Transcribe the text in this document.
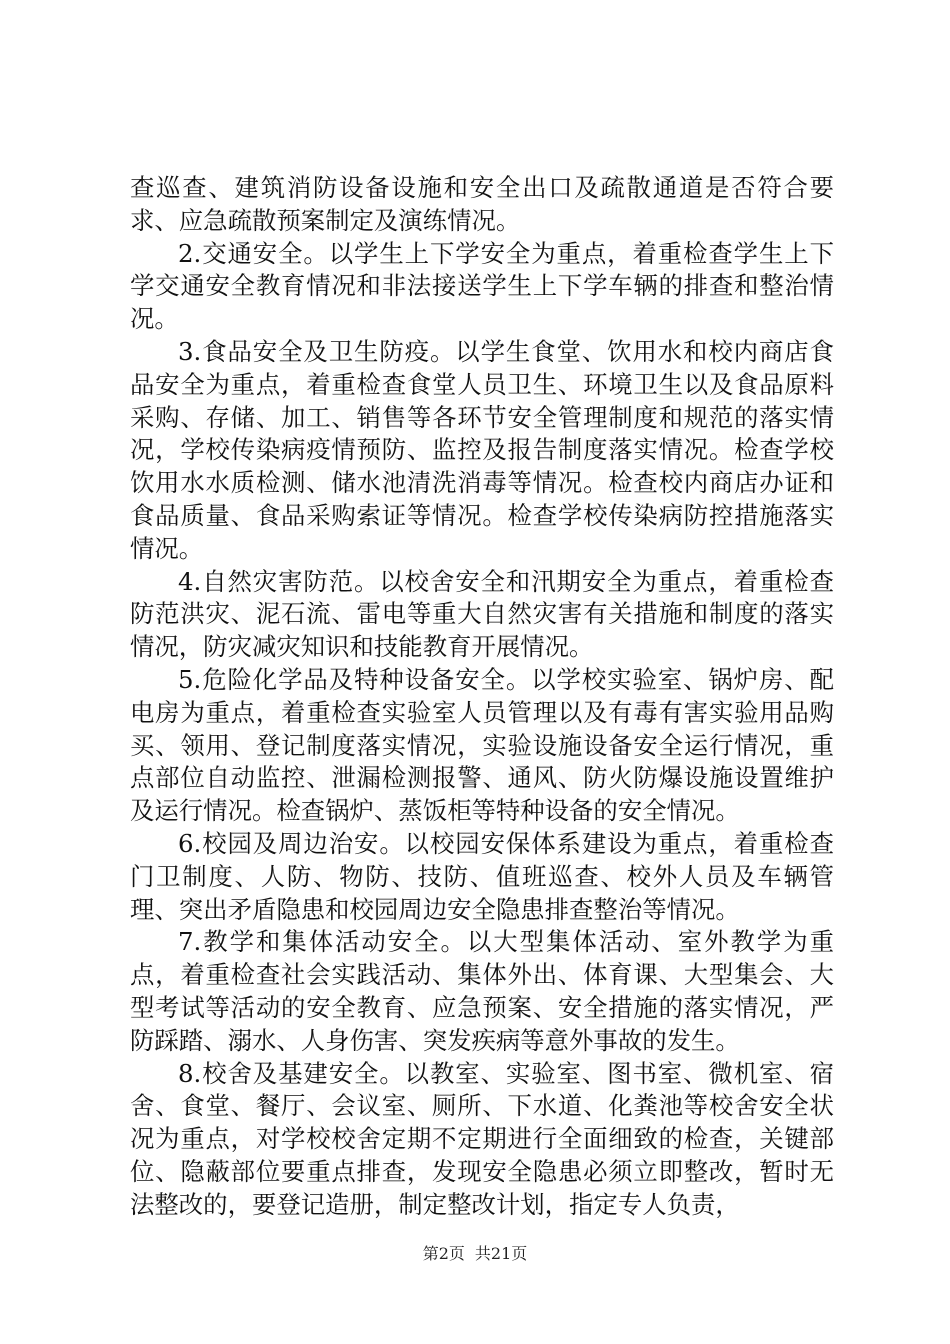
查巡查、建筑消防设备设施和安全出口及疏散通道是否符合要求、应急疏散预案制定及演练情况。

2.交通安全。以学生上下学安全为重点，着重检查学生上下学交通安全教育情况和非法接送学生上下学车辆的排查和整治情况。

3.食品安全及卫生防疫。以学生食堂、饮用水和校内商店食品安全为重点，着重检查食堂人员卫生、环境卫生以及食品原料采购、存储、加工、销售等各环节安全管理制度和规范的落实情况，学校传染病疫情预防、监控及报告制度落实情况。检查学校饮用水水质检测、储水池清洗消毒等情况。检查校内商店办证和食品质量、食品采购索证等情况。检查学校传染病防控措施落实情况。

4.自然灾害防范。以校舍安全和汛期安全为重点，着重检查防范洪灾、泥石流、雷电等重大自然灾害有关措施和制度的落实情况，防灾减灾知识和技能教育开展情况。

5.危险化学品及特种设备安全。以学校实验室、锅炉房、配电房为重点，着重检查实验室人员管理以及有毒有害实验用品购买、领用、登记制度落实情况，实验设施设备安全运行情况，重点部位自动监控、泄漏检测报警、通风、防火防爆设施设置维护及运行情况。检查锅炉、蒸饭柜等特种设备的安全情况。

6.校园及周边治安。以校园安保体系建设为重点，着重检查门卫制度、人防、物防、技防、值班巡查、校外人员及车辆管理、突出矛盾隐患和校园周边安全隐患排查整治等情况。

7.教学和集体活动安全。以大型集体活动、室外教学为重点，着重检查社会实践活动、集体外出、体育课、大型集会、大型考试等活动的安全教育、应急预案、安全措施的落实情况，严防踩踏、溺水、人身伤害、突发疾病等意外事故的发生。

8.校舍及基建安全。以教室、实验室、图书室、微机室、宿舍、食堂、餐厅、会议室、厕所、下水道、化粪池等校舍安全状况为重点，对学校校舍定期不定期进行全面细致的检查，关键部位、隐蔽部位要重点排查，发现安全隐患必须立即整改，暂时无法整改的，要登记造册，制定整改计划，指定专人负责，

第2页 共21页
